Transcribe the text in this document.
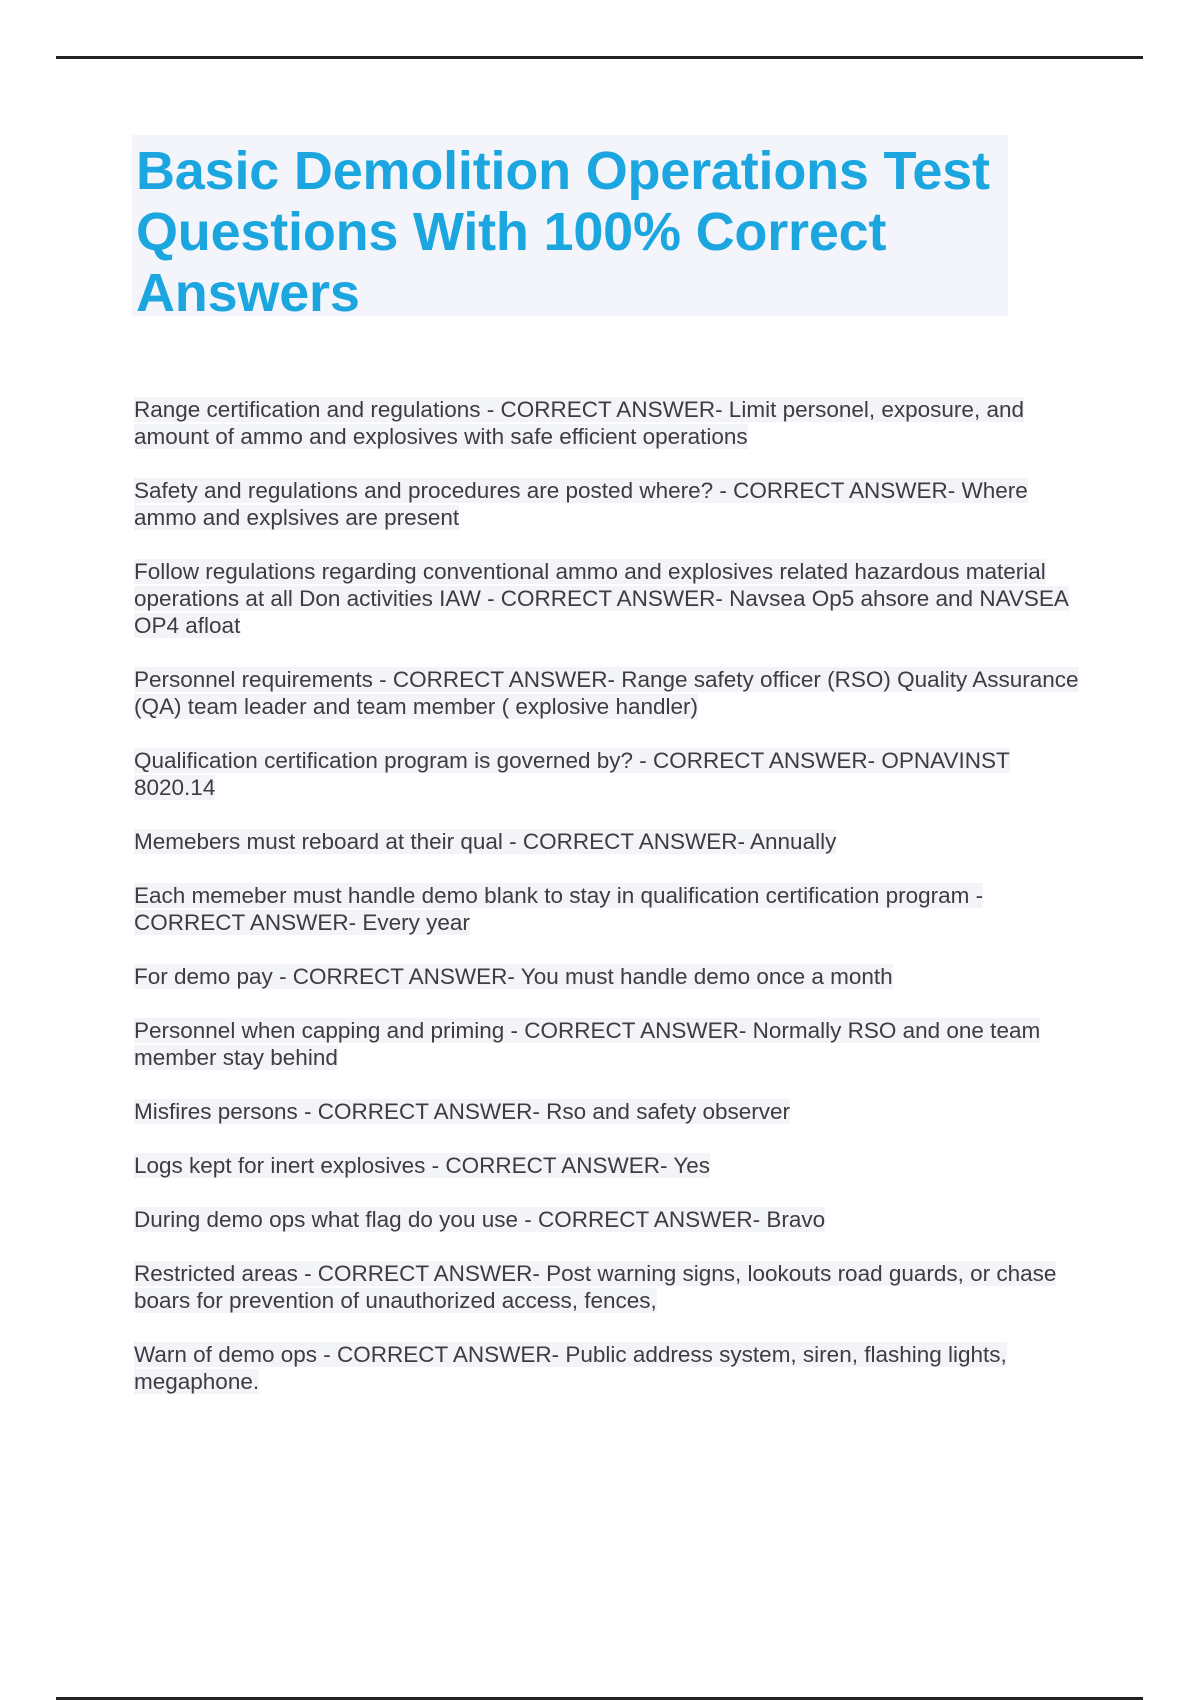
Basic Demolition Operations Test Questions With 100% Correct Answers
Range certification and regulations - CORRECT ANSWER- Limit personel, exposure, and amount of ammo and explosives with safe efficient operations
Safety and regulations and procedures are posted where? - CORRECT ANSWER- Where ammo and explsives are present
Follow regulations regarding conventional ammo and explosives related hazardous material operations at all Don activities IAW - CORRECT ANSWER- Navsea Op5 ahsore and NAVSEA OP4 afloat
Personnel requirements - CORRECT ANSWER- Range safety officer (RSO) Quality Assurance (QA) team leader and team member ( explosive handler)
Qualification certification program is governed by? - CORRECT ANSWER- OPNAVINST 8020.14
Memebers must reboard at their qual - CORRECT ANSWER- Annually
Each memeber must handle demo blank to stay in qualification certification program - CORRECT ANSWER- Every year
For demo pay - CORRECT ANSWER- You must handle demo once a month
Personnel when capping and priming - CORRECT ANSWER- Normally RSO and one team member stay behind
Misfires persons - CORRECT ANSWER- Rso and safety observer
Logs kept for inert explosives - CORRECT ANSWER- Yes
During demo ops what flag do you use - CORRECT ANSWER- Bravo
Restricted areas - CORRECT ANSWER- Post warning signs, lookouts road guards, or chase boars for prevention of unauthorized access, fences,
Warn of demo ops - CORRECT ANSWER- Public address system, siren, flashing lights, megaphone.
